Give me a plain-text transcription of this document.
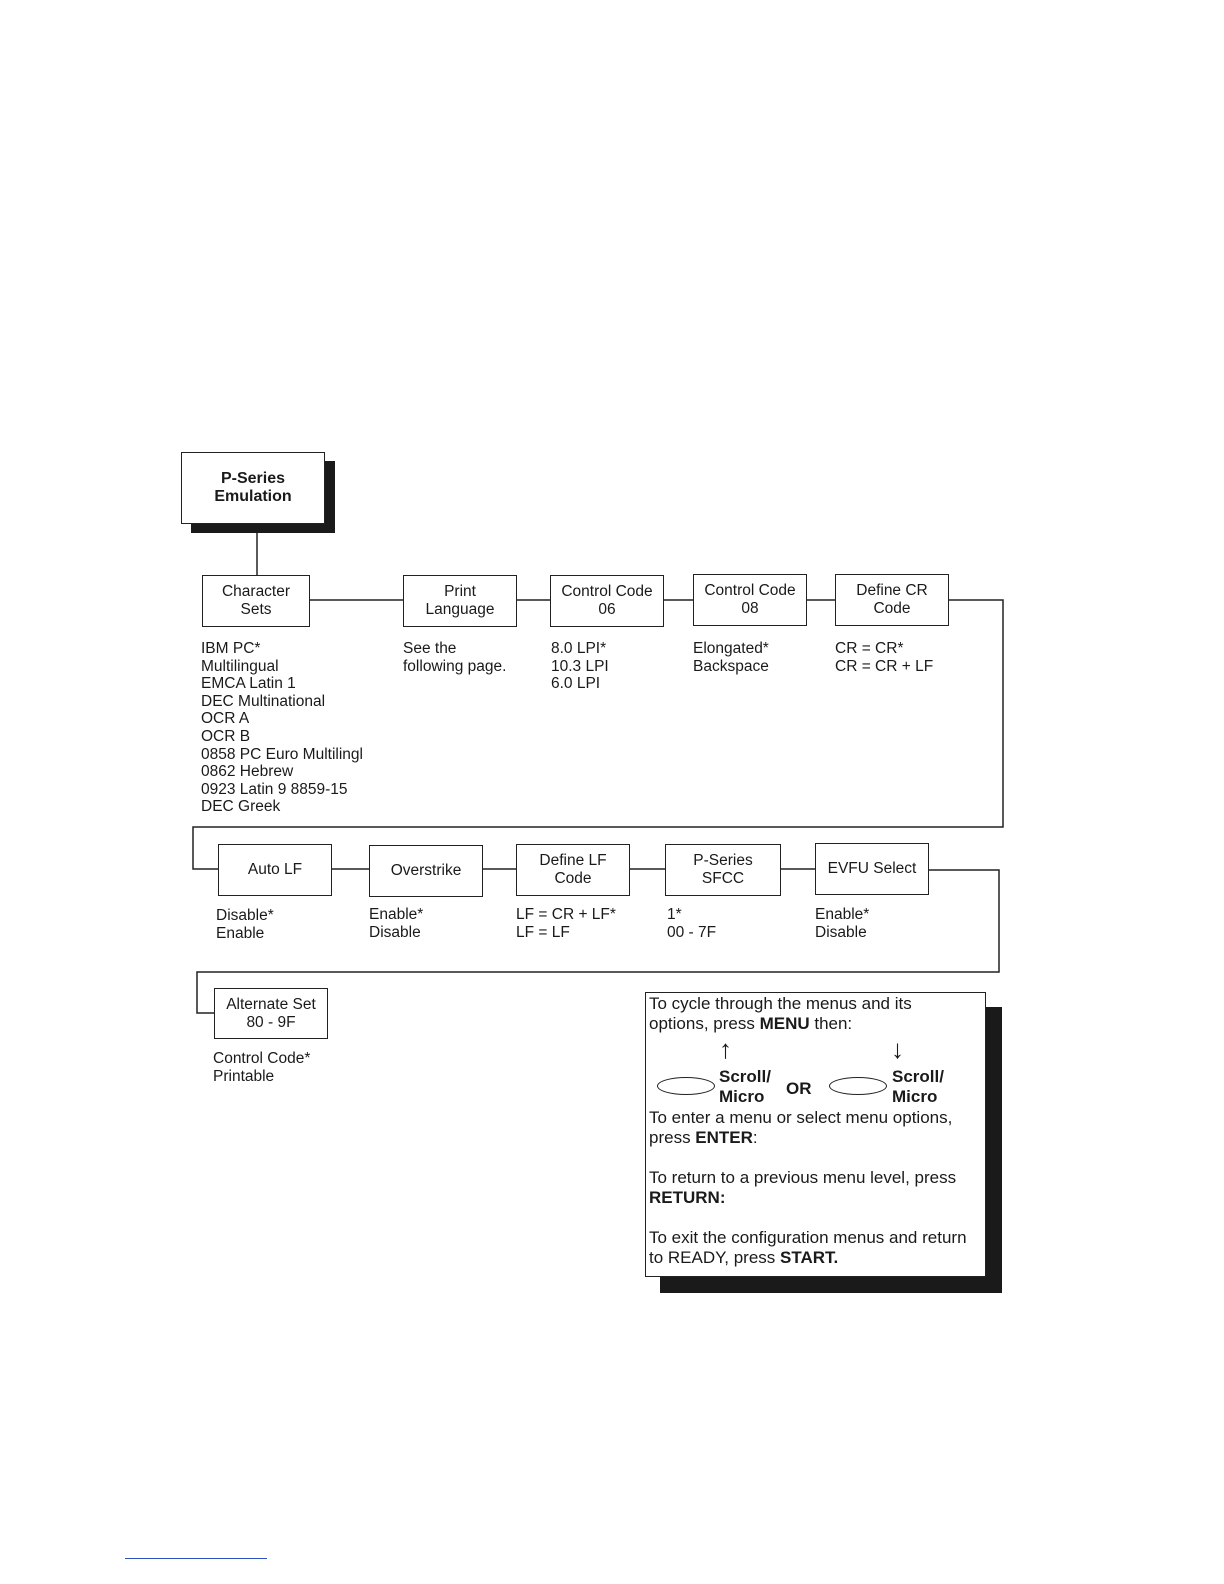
P-Series
Emulation
Character
Sets
Print
Language
Control Code
06
Control Code
08
Define CR
Code
IBM PC*
Multilingual
EMCA Latin 1
DEC Multinational
OCR A
OCR B
0858 PC Euro Multilingl
0862 Hebrew
0923 Latin 9 8859-15
DEC Greek
See the
following page.
8.0 LPI*
10.3 LPI
6.0 LPI
Elongated*
Backspace
CR = CR*
CR = CR + LF
Auto LF	Overstrike
Define LF
Code
P-Series
SFCC
EVFU Select
Disable*
Enable
Enable*
Disable
LF = CR + LF*
LF = LF
1*
00 - 7F
Enable*
Disable
Alternate Set
80 - 9F
Control Code*
Printable

To cycle through the menus and its

options, press MENU then:

↑
Scroll/
Micro	OR
↓
Scroll/
Micro

To enter a menu or select menu options,

press ENTER:

To return to a previous menu level, press

RETURN:

To exit the configuration menus and return

to READY, press START.
